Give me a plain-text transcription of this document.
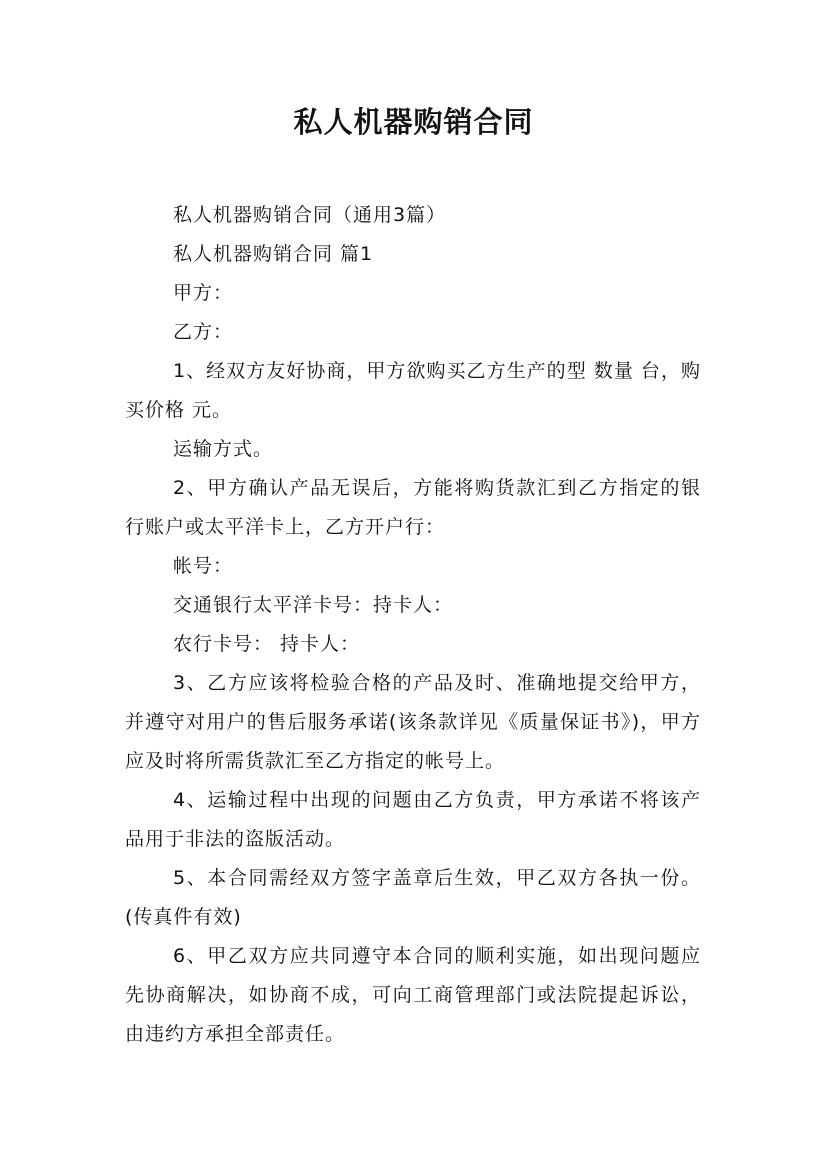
私人机器购销合同

私人机器购销合同（通用3篇）

私人机器购销合同 篇1

甲方：

乙方：

1、经双方友好协商，甲方欲购买乙方生产的型 数量 台，购买价格 元。

运输方式。

2、甲方确认产品无误后，方能将购货款汇到乙方指定的银行账户或太平洋卡上，乙方开户行：

帐号：

交通银行太平洋卡号：持卡人：

农行卡号： 持卡人：

3、乙方应该将检验合格的产品及时、准确地提交给甲方，并遵守对用户的售后服务承诺(该条款详见《质量保证书》)，甲方应及时将所需货款汇至乙方指定的帐号上。

4、运输过程中出现的问题由乙方负责，甲方承诺不将该产品用于非法的盗版活动。

5、本合同需经双方签字盖章后生效，甲乙双方各执一份。(传真件有效)

6、甲乙双方应共同遵守本合同的顺利实施，如出现问题应先协商解决，如协商不成，可向工商管理部门或法院提起诉讼，由违约方承担全部责任。
